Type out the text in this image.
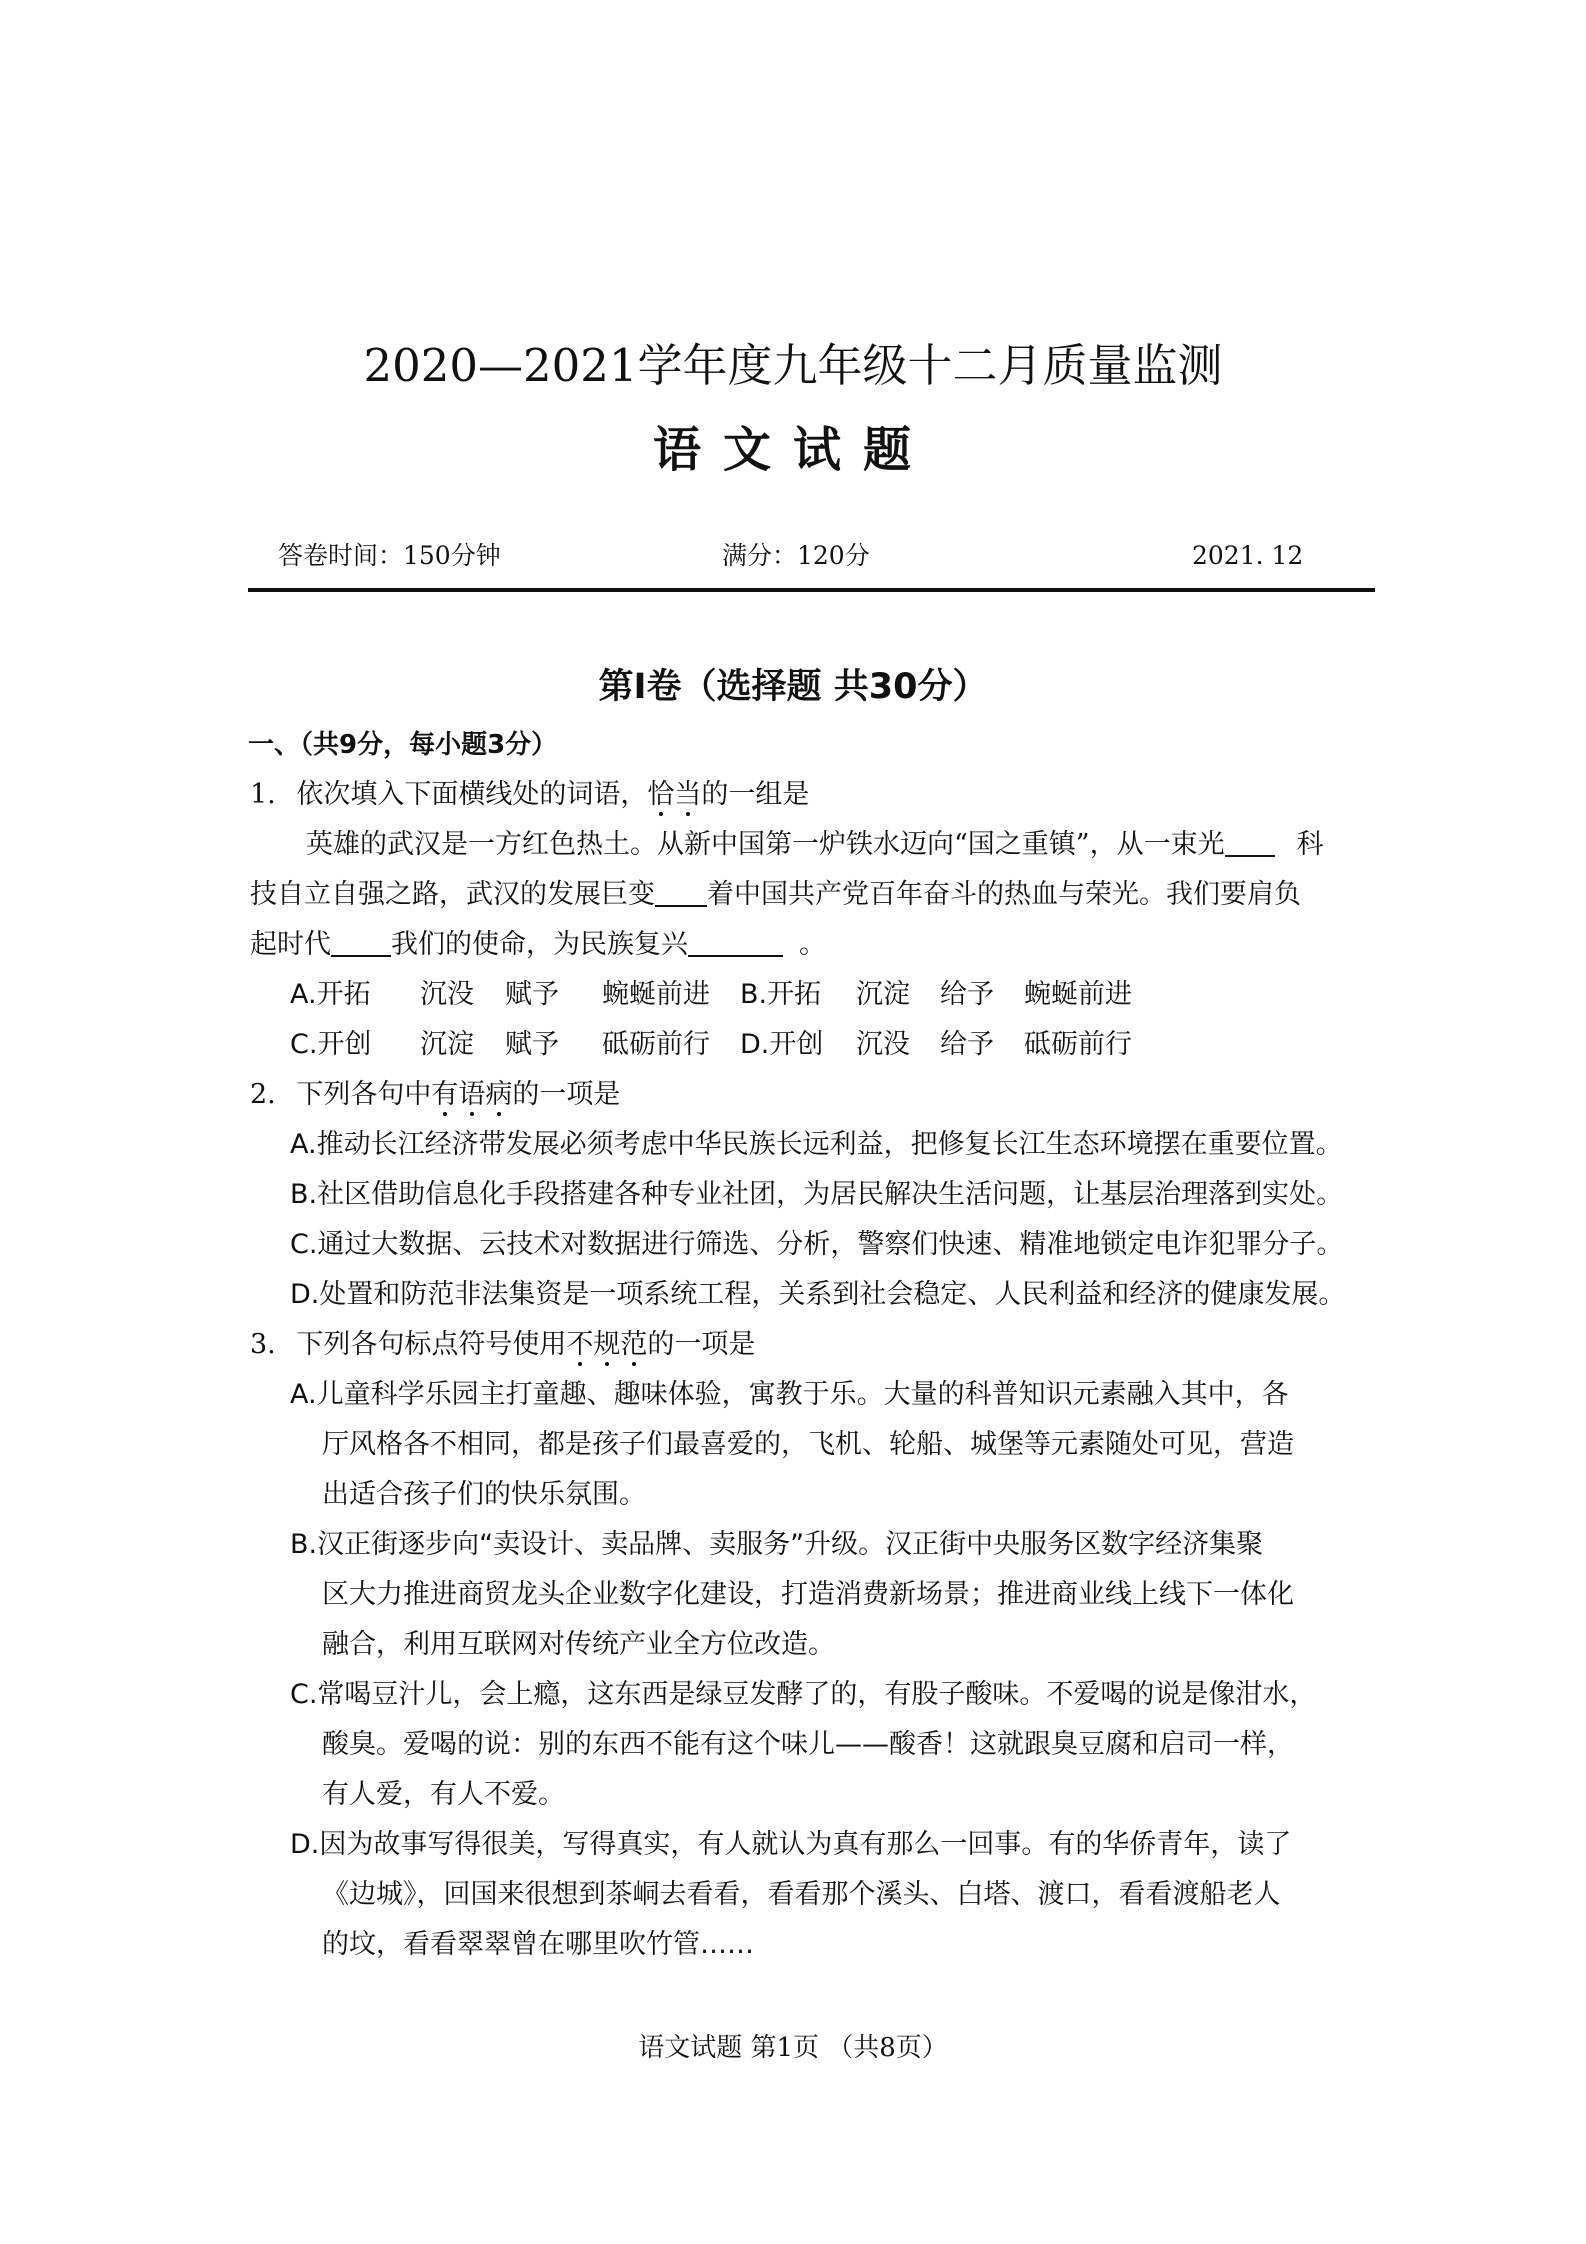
2020—2021学年度九年级十二月质量监测
语文试题
答卷时间：150分钟	满分：120分	2021. 12
第Ⅰ卷（选择题 共30分）
一、（共9分，每小题3分）
1. 依次填入下面横线处的词语，恰当的一组是
英雄的武汉是一方红色热土。从新中国第一炉铁水迈向“国之重镇”，从一束光	科
技自立自强之路，武汉的发展巨变 着中国共产党百年奋斗的热血与荣光。我们要肩负
起时代 我们的使命，为民族复兴	。
A.开拓 沉没 赋予 蜿蜒前进 B.开拓 沉淀 给予 蜿蜒前进
C.开创 沉淀 赋予 砥砺前行 D.开创 沉没 给予 砥砺前行
2. 下列各句中有语病的一项是
A.推动长江经济带发展必须考虑中华民族长远利益，把修复长江生态环境摆在重要位置。
B.社区借助信息化手段搭建各种专业社团，为居民解决生活问题，让基层治理落到实处。
C.通过大数据、云技术对数据进行筛选、分析，警察们快速、精准地锁定电诈犯罪分子。
D.处置和防范非法集资是一项系统工程，关系到社会稳定、人民利益和经济的健康发展。
3. 下列各句标点符号使用不规范的一项是
A.儿童科学乐园主打童趣、趣味体验，寓教于乐。大量的科普知识元素融入其中，各
厅风格各不相同，都是孩子们最喜爱的，飞机、轮船、城堡等元素随处可见，营造
出适合孩子们的快乐氛围。
B.汉正街逐步向“卖设计、卖品牌、卖服务”升级。汉正街中央服务区数字经济集聚
区大力推进商贸龙头企业数字化建设，打造消费新场景；推进商业线上线下一体化
融合，利用互联网对传统产业全方位改造。
C.常喝豆汁儿，会上瘾，这东西是绿豆发酵了的，有股子酸味。不爱喝的说是像泔水，
酸臭。爱喝的说：别的东西不能有这个味儿——酸香！这就跟臭豆腐和启司一样，
有人爱，有人不爱。
D.因为故事写得很美，写得真实，有人就认为真有那么一回事。有的华侨青年，读了
《边城》，回国来很想到茶峒去看看，看看那个溪头、白塔、渡口，看看渡船老人
的坟，看看翠翠曾在哪里吹竹管……
语文试题 第1页 （共8页）
